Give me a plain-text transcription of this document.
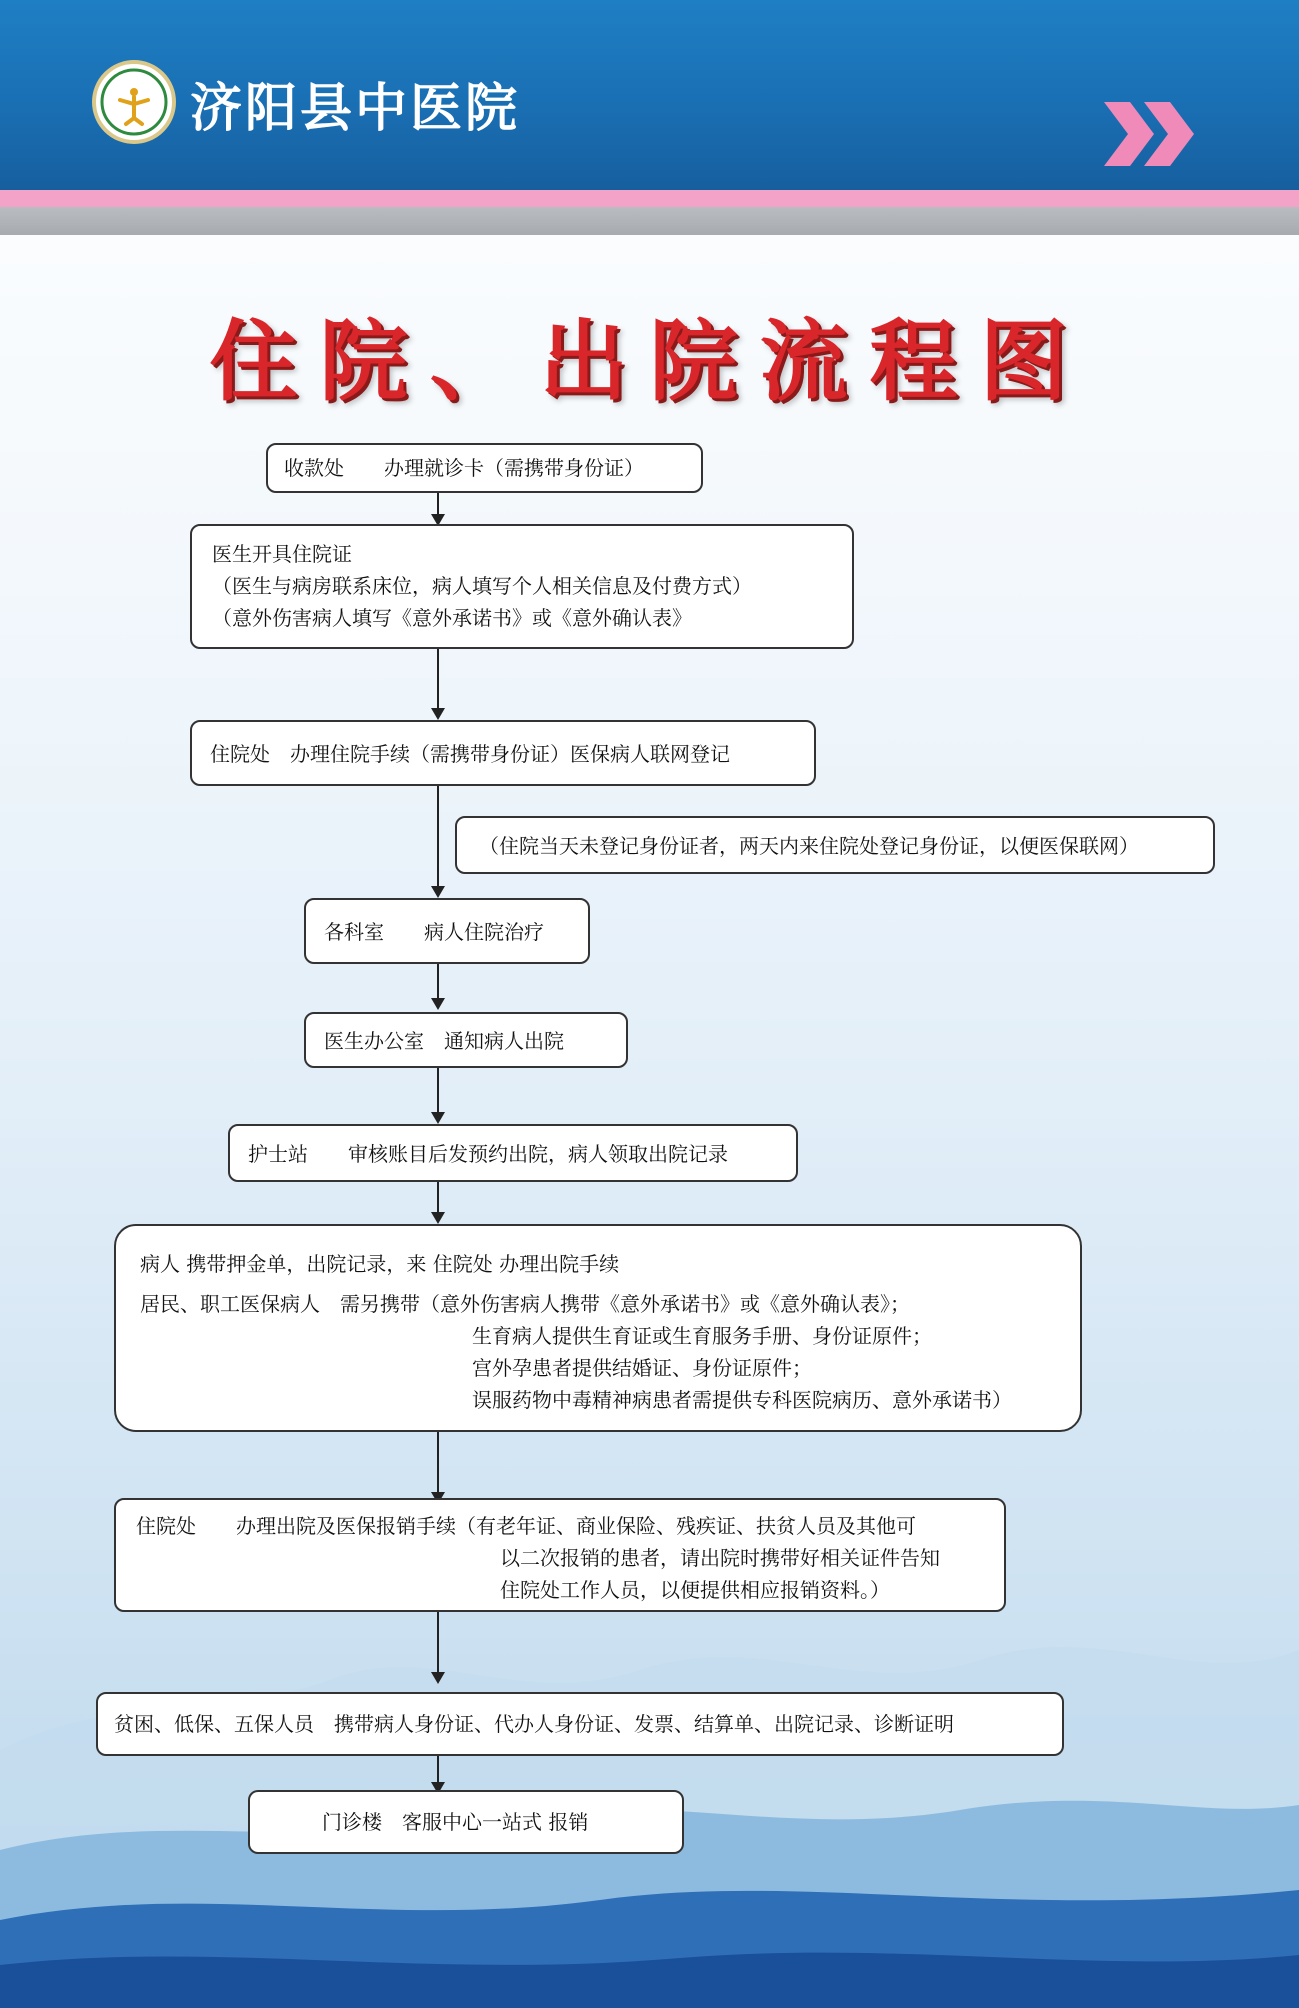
济阳县中医院
住院、出院流程图
收款处　　办理就诊卡（需携带身份证）
医生开具住院证
（医生与病房联系床位，病人填写个人相关信息及付费方式）
（意外伤害病人填写《意外承诺书》或《意外确认表》
住院处　办理住院手续（需携带身份证）医保病人联网登记
（住院当天未登记身份证者，两天内来住院处登记身份证，以便医保联网）
各科室　　病人住院治疗
医生办公室　通知病人出院
护士站　　审核账目后发预约出院，病人领取出院记录
病人 携带押金单，出院记录，来 住院处 办理出院手续
居民、职工医保病人　需另携带（意外伤害病人携带《意外承诺书》或《意外确认表》；
生育病人提供生育证或生育服务手册、身份证原件；
宫外孕患者提供结婚证、身份证原件；
误服药物中毒精神病患者需提供专科医院病历、意外承诺书）
住院处　　办理出院及医保报销手续（有老年证、商业保险、残疾证、扶贫人员及其他可
以二次报销的患者，请出院时携带好相关证件告知
住院处工作人员，以便提供相应报销资料。）
贫困、低保、五保人员　携带病人身份证、代办人身份证、发票、结算单、出院记录、诊断证明
门诊楼　客服中心一站式 报销
